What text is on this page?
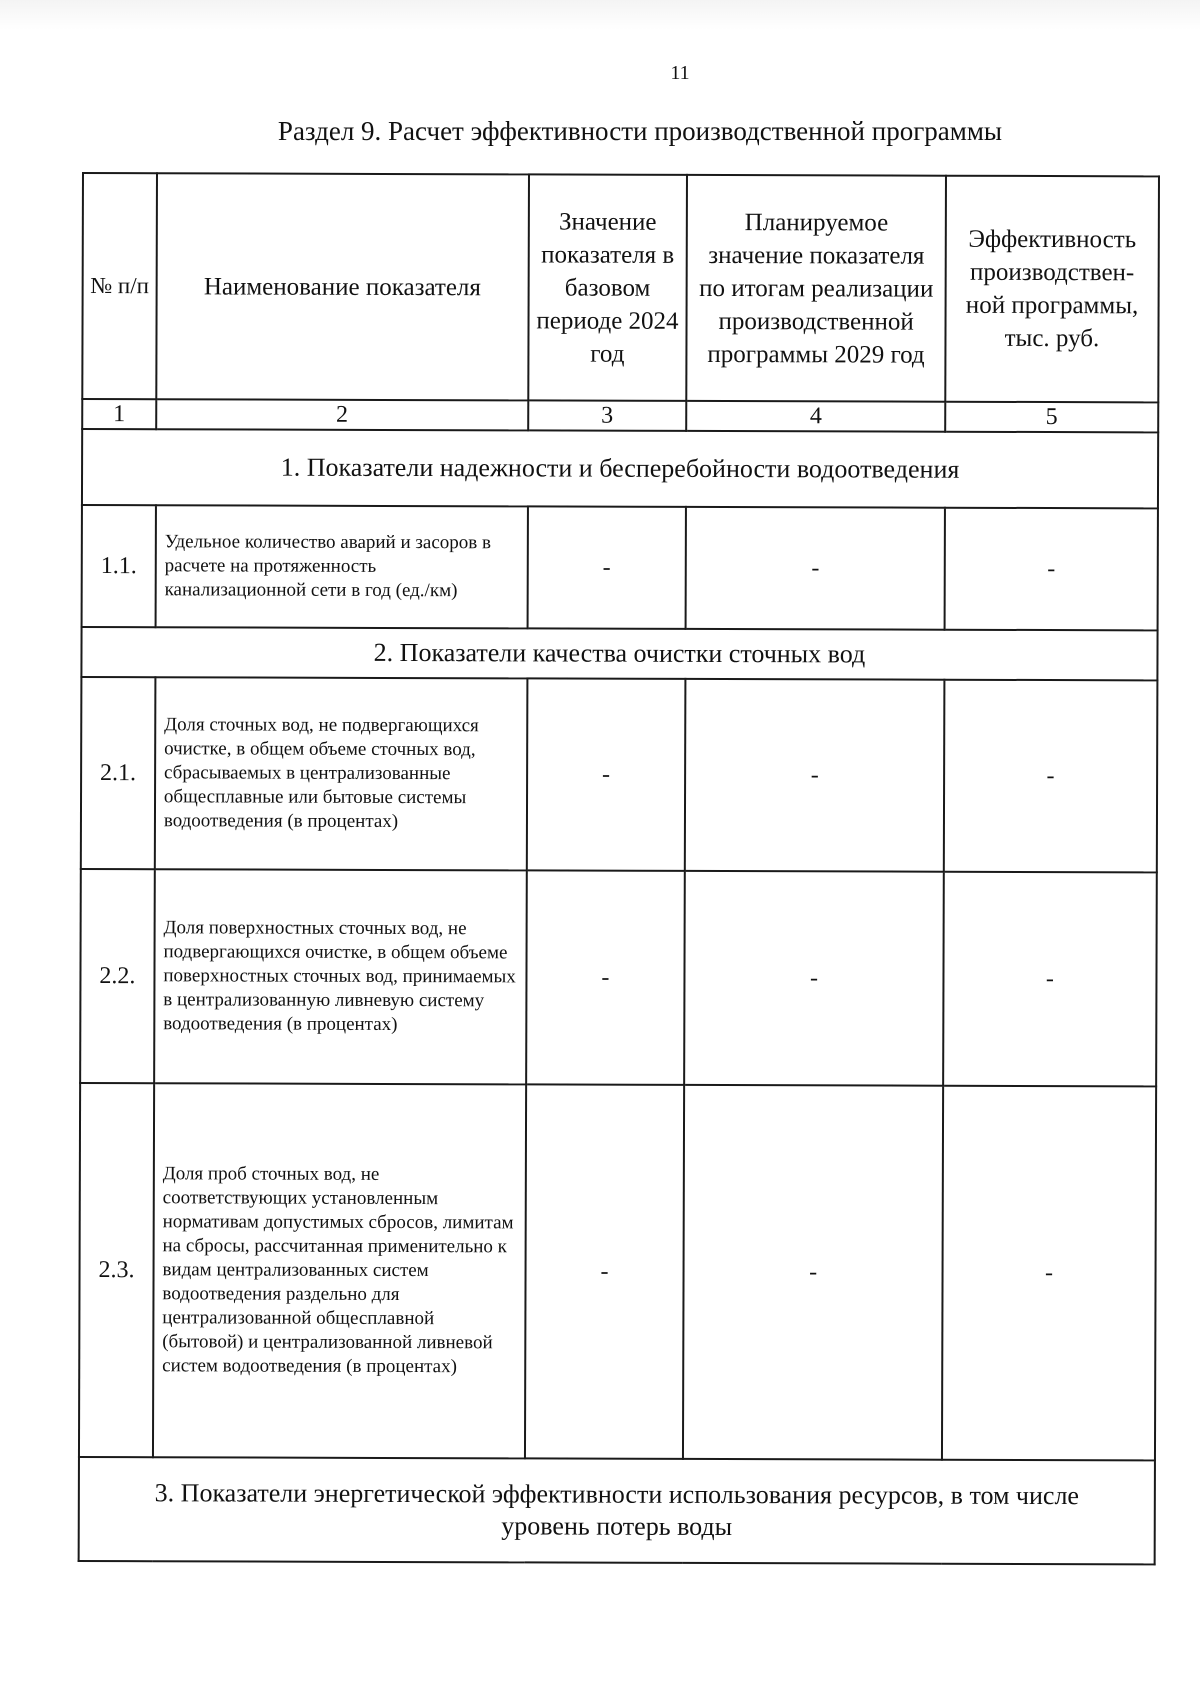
11
Раздел 9. Расчет эффективности производственной программы
№ п/п	Наименование показателя	Значение показателя в базовом периоде 2024 год	Планируемое значение показателя по итогам реализации производственной программы 2029 год	Эффективность производствен-ной программы, тыс. руб.
1	2	3	4	5
1. Показатели надежности и бесперебойности водоотведения				
1.1.	Удельное количество аварий и засоров в расчете на протяженность канализационной сети в год (ед./км)	-	-	-
2. Показатели качества очистки сточных вод				
2.1.	Доля сточных вод, не подвергающихся очистке, в общем объеме сточных вод, сбрасываемых в централизованные общесплавные или бытовые системы водоотведения (в процентах)	-	-	-
2.2.	Доля поверхностных сточных вод, не подвергающихся очистке, в общем объеме поверхностных сточных вод, принимаемых в централизованную ливневую систему водоотведения (в процентах)	-	-	-
2.3.	Доля проб сточных вод, не соответствующих установленным нормативам допустимых сбросов, лимитам на сбросы, рассчитанная применительно к видам централизованных систем водоотведения раздельно для централизованной общесплавной (бытовой) и централизованной ливневой систем водоотведения (в процентах)	-	-	-
3. Показатели энергетической эффективности использования ресурсов, в том числе уровень потерь воды				
